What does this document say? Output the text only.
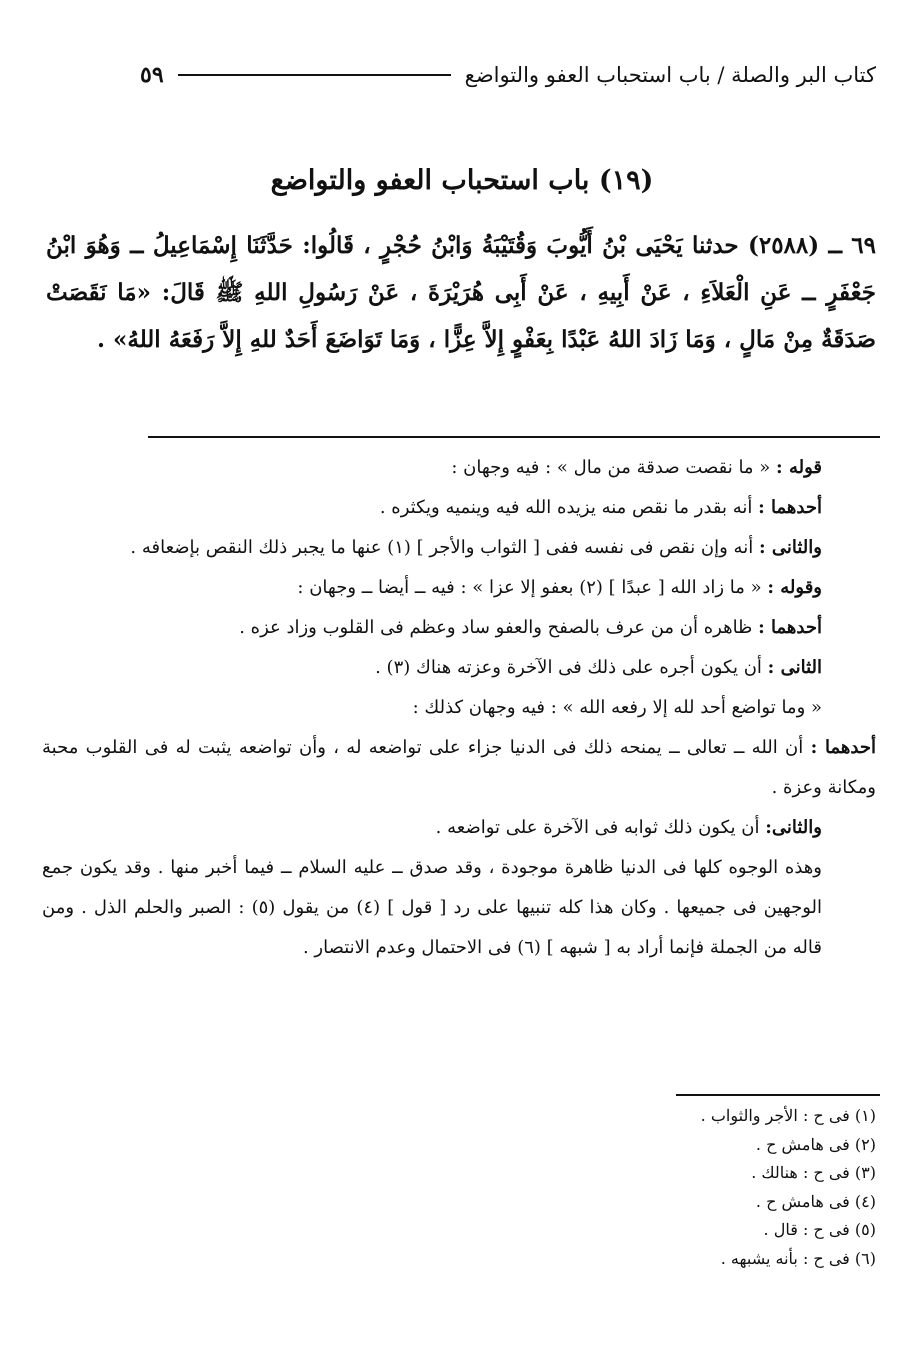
كتاب البر والصلة / باب استحباب العفو والتواضع
٥٩
(١٩) باب استحباب العفو والتواضع
٦٩ ــ (٢٥٨٨) حدثنا يَحْيَى بْنُ أَيُّوبَ وَقُتَيْبَةُ وَابْنُ حُجْرٍ ، قَالُوا: حَدَّثَنَا إِسْمَاعِيلُ ــ وَهُوَ ابْنُ جَعْفَرٍ ــ عَنِ الْعَلاَءِ ، عَنْ أَبِيهِ ، عَنْ أَبِى هُرَيْرَةَ ، عَنْ رَسُولِ اللهِ ﷺ قَالَ: «مَا نَقَصَتْ صَدَقَةٌ مِنْ مَالٍ ، وَمَا زَادَ اللهُ عَبْدًا بِعَفْوٍ إِلاَّ عِزًّا ، وَمَا تَوَاضَعَ أَحَدٌ للهِ إِلاَّ رَفَعَهُ اللهُ» .

قوله : « ما نقصت صدقة من مال » : فيه وجهان :

أحدهما : أنه بقدر ما نقص منه يزيده الله فيه وينميه ويكثره .

والثانى : أنه وإن نقص فى نفسه ففى [ الثواب والأجر ] (١) عنها ما يجبر ذلك النقص بإضعافه .

وقوله : « ما زاد الله [ عبدًا ] (٢) بعفو إلا عزا » : فيه ــ أيضا ــ وجهان :

أحدهما : ظاهره أن من عرف بالصفح والعفو ساد وعظم فى القلوب وزاد عزه .

الثانى : أن يكون أجره على ذلك فى الآخرة وعزته هناك (٣) .

« وما تواضع أحد لله إلا رفعه الله » : فيه وجهان كذلك :

أحدهما : أن الله ــ تعالى ــ يمنحه ذلك فى الدنيا جزاء على تواضعه له ، وأن تواضعه يثبت له فى القلوب محبة ومكانة وعزة .

والثانى: أن يكون ذلك ثوابه فى الآخرة على تواضعه .

وهذه الوجوه كلها فى الدنيا ظاهرة موجودة ، وقد صدق ــ عليه السلام ــ فيما أخبر منها . وقد يكون جمع الوجهين فى جميعها . وكان هذا كله تنبيها على رد [ قول ] (٤) من يقول (٥) : الصبر والحلم الذل . ومن قاله من الجملة فإنما أراد به [ شبهه ] (٦) فى الاحتمال وعدم الانتصار .

(١) فى ح : الأجر والثواب .
(٢) فى هامش ح .
(٣) فى ح : هنالك .
(٤) فى هامش ح .
(٥) فى ح : قال .
(٦) فى ح : بأنه يشبهه .
